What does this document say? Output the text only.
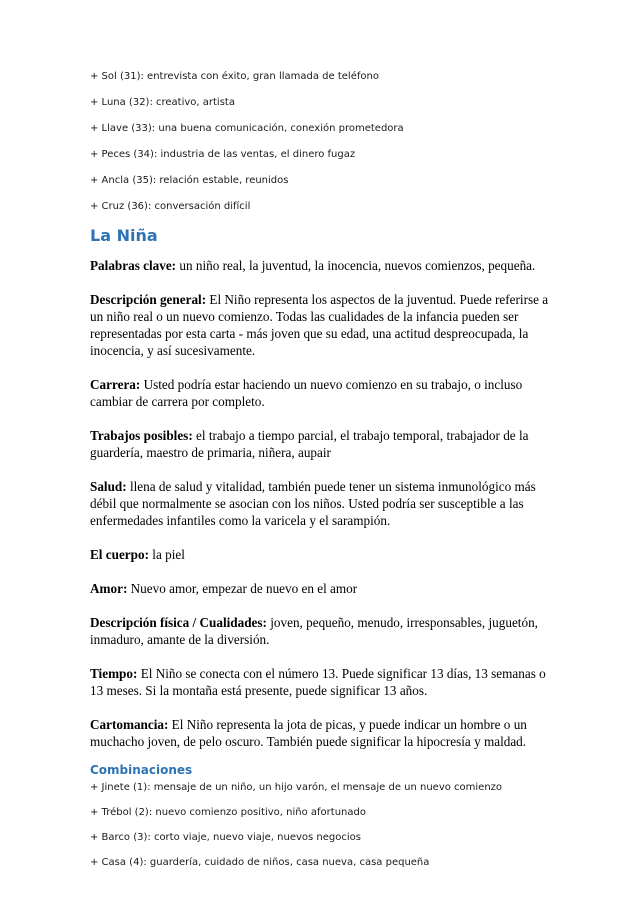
+ Sol (31): entrevista con éxito, gran llamada de teléfono

+ Luna (32): creativo, artista

+ Llave (33): una buena comunicación, conexión prometedora

+ Peces (34): industria de las ventas, el dinero fugaz

+ Ancla (35): relación estable, reunidos

+ Cruz (36): conversación difícil

La Niña

Palabras clave: un niño real, la juventud, la inocencia, nuevos comienzos, pequeña.

Descripción general: El Niño representa los aspectos de la juventud. Puede referirse a un niño real o un nuevo comienzo. Todas las cualidades de la infancia pueden ser representadas por esta carta - más joven que su edad, una actitud despreocupada, la inocencia, y así sucesivamente.

Carrera: Usted podría estar haciendo un nuevo comienzo en su trabajo, o incluso cambiar de carrera por completo.

Trabajos posibles: el trabajo a tiempo parcial, el trabajo temporal, trabajador de la guardería, maestro de primaria, niñera, aupair

Salud: llena de salud y vitalidad, también puede tener un sistema inmunológico más débil que normalmente se asocian con los niños. Usted podría ser susceptible a las enfermedades infantiles como la varicela y el sarampión.

El cuerpo: la piel

Amor: Nuevo amor, empezar de nuevo en el amor

Descripción física / Cualidades: joven, pequeño, menudo, irresponsables, juguetón, inmaduro, amante de la diversión.

Tiempo: El Niño se conecta con el número 13. Puede significar 13 días, 13 semanas o 13 meses. Si la montaña está presente, puede significar 13 años.

Cartomancia: El Niño representa la jota de picas, y puede indicar un hombre o un muchacho joven, de pelo oscuro. También puede significar la hipocresía y maldad.

Combinaciones

+ Jinete (1): mensaje de un niño, un hijo varón, el mensaje de un nuevo comienzo

+ Trébol (2): nuevo comienzo positivo, niño afortunado

+ Barco (3): corto viaje, nuevo viaje, nuevos negocios

+ Casa (4): guardería, cuidado de niños, casa nueva, casa pequeña
